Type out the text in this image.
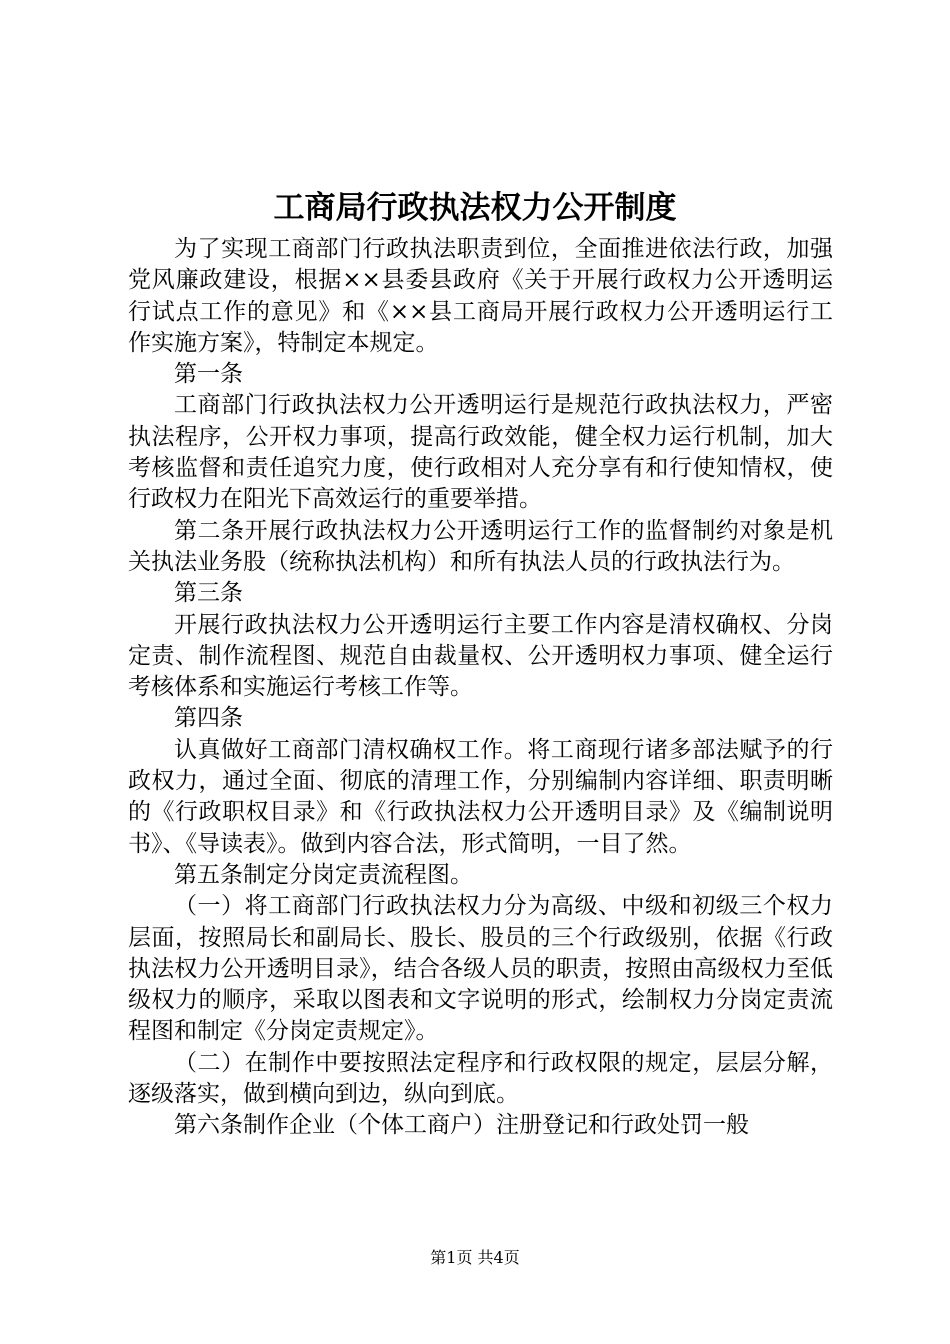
工商局行政执法权力公开制度

为了实现工商部门行政执法职责到位，全面推进依法行政，加强党风廉政建设，根据××县委县政府《关于开展行政权力公开透明运行试点工作的意见》和《××县工商局开展行政权力公开透明运行工作实施方案》，特制定本规定。

第一条

工商部门行政执法权力公开透明运行是规范行政执法权力，严密执法程序，公开权力事项，提高行政效能，健全权力运行机制，加大考核监督和责任追究力度，使行政相对人充分享有和行使知情权，使行政权力在阳光下高效运行的重要举措。

第二条开展行政执法权力公开透明运行工作的监督制约对象是机关执法业务股（统称执法机构）和所有执法人员的行政执法行为。

第三条

开展行政执法权力公开透明运行主要工作内容是清权确权、分岗定责、制作流程图、规范自由裁量权、公开透明权力事项、健全运行考核体系和实施运行考核工作等。

第四条

认真做好工商部门清权确权工作。将工商现行诸多部法赋予的行政权力，通过全面、彻底的清理工作，分别编制内容详细、职责明晰的《行政职权目录》和《行政执法权力公开透明目录》及《编制说明书》、《导读表》。做到内容合法，形式简明，一目了然。

第五条制定分岗定责流程图。

（一）将工商部门行政执法权力分为高级、中级和初级三个权力层面，按照局长和副局长、股长、股员的三个行政级别，依据《行政执法权力公开透明目录》，结合各级人员的职责，按照由高级权力至低级权力的顺序，采取以图表和文字说明的形式，绘制权力分岗定责流程图和制定《分岗定责规定》。

（二）在制作中要按照法定程序和行政权限的规定，层层分解，逐级落实，做到横向到边，纵向到底。

第六条制作企业（个体工商户）注册登记和行政处罚一般

第1页 共4页
